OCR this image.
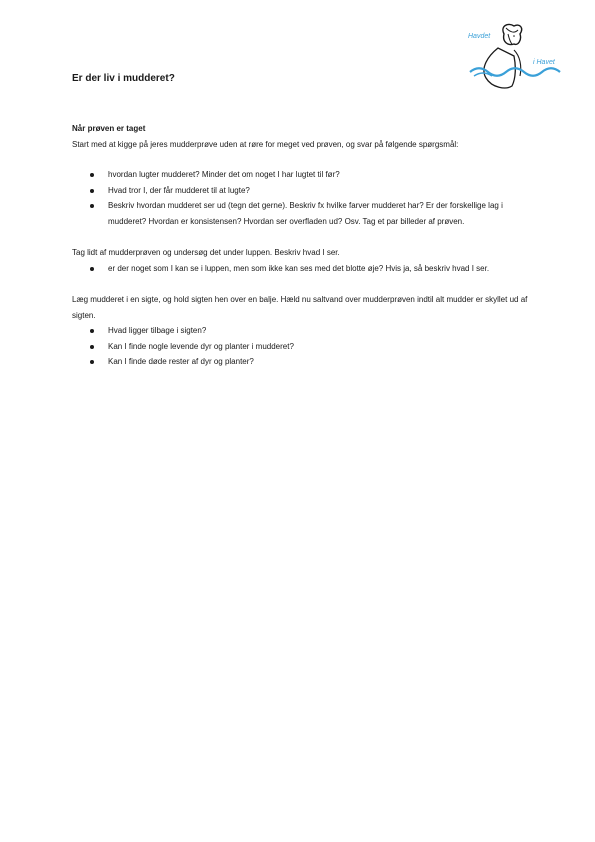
Havdet
i Havet
Er der liv i mudderet?

Når prøven er taget

Start med at kigge på jeres mudderprøve uden at røre for meget ved prøven, og svar på følgende spørgsmål:

hvordan lugter mudderet? Minder det om noget I har lugtet til før?
Hvad tror I, der får mudderet til at lugte?
Beskriv hvordan mudderet ser ud (tegn det gerne). Beskriv fx hvilke farver mudderet har? Er der forskellige lag i mudderet? Hvordan er konsistensen? Hvordan ser overfladen ud? Osv. Tag et par billeder af prøven.

Tag lidt af mudderprøven og undersøg det under luppen. Beskriv hvad I ser.

er der noget som I kan se i luppen, men som ikke kan ses med det blotte øje? Hvis ja, så beskriv hvad I ser.

Læg mudderet i en sigte, og hold sigten hen over en balje. Hæld nu saltvand over mudderprøven indtil alt mudder er skyllet ud af sigten.

Hvad ligger tilbage i sigten?
Kan I finde nogle levende dyr og planter i mudderet?
Kan I finde døde rester af dyr og planter?
